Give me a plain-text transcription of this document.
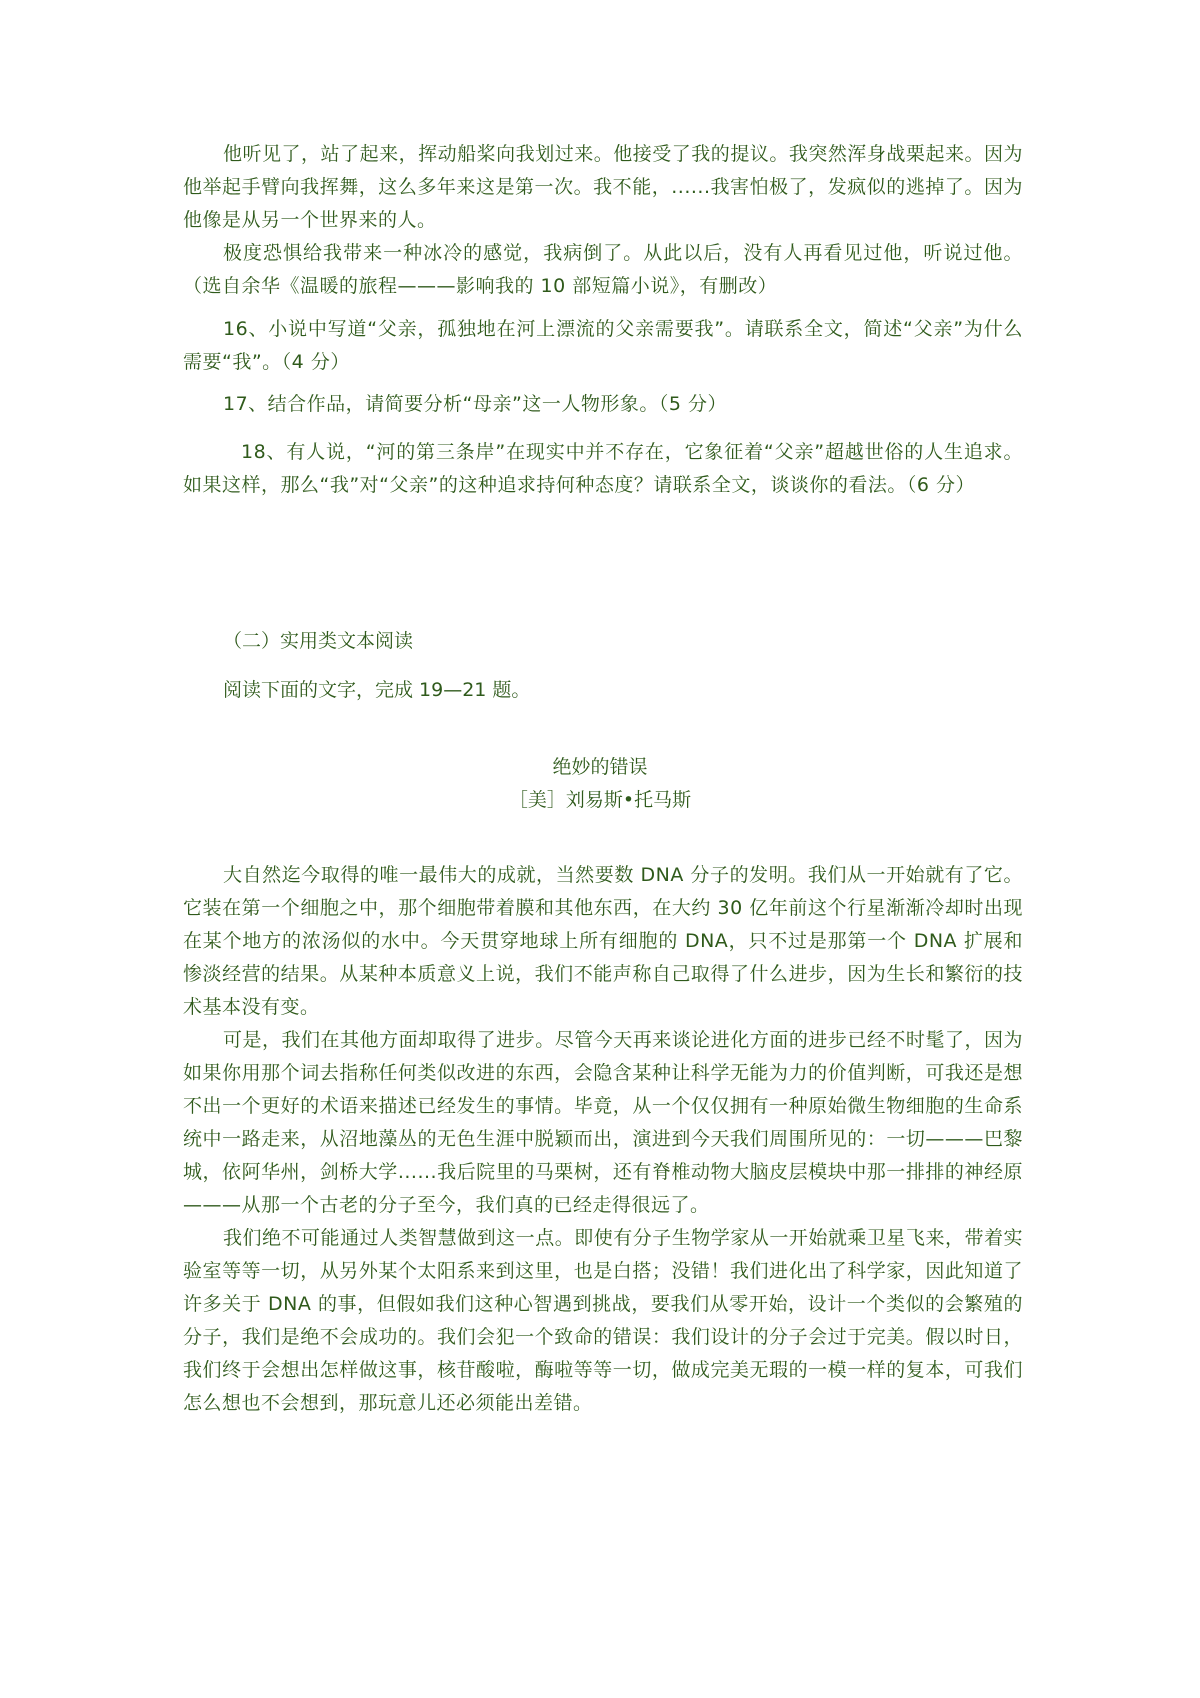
他听见了，站了起来，挥动船桨向我划过来。他接受了我的提议。我突然浑身战栗起来。因为他举起手臂向我挥舞，这么多年来这是第一次。我不能，......我害怕极了，发疯似的逃掉了。因为他像是从另一个世界来的人。

极度恐惧给我带来一种冰冷的感觉，我病倒了。从此以后，没有人再看见过他，听说过他。（选自余华《温暖的旅程———影响我的 10 部短篇小说》，有删改）

16、小说中写道“父亲，孤独地在河上漂流的父亲需要我”。请联系全文，简述“父亲”为什么需要“我”。（4 分）

17、结合作品，请简要分析“母亲”这一人物形象。（5 分）

18、有人说，“河的第三条岸”在现实中并不存在，它象征着“父亲”超越世俗的人生追求。如果这样，那么“我”对“父亲”的这种追求持何种态度？请联系全文，谈谈你的看法。（6 分）

（二）实用类文本阅读

阅读下面的文字，完成 19—21 题。

绝妙的错误

［美］刘易斯•托马斯

大自然迄今取得的唯一最伟大的成就，当然要数 DNA 分子的发明。我们从一开始就有了它。它装在第一个细胞之中，那个细胞带着膜和其他东西，在大约 30 亿年前这个行星渐渐冷却时出现在某个地方的浓汤似的水中。今天贯穿地球上所有细胞的 DNA，只不过是那第一个 DNA 扩展和惨淡经营的结果。从某种本质意义上说，我们不能声称自己取得了什么进步，因为生长和繁衍的技术基本没有变。

可是，我们在其他方面却取得了进步。尽管今天再来谈论进化方面的进步已经不时髦了，因为如果你用那个词去指称任何类似改进的东西，会隐含某种让科学无能为力的价值判断，可我还是想不出一个更好的术语来描述已经发生的事情。毕竟，从一个仅仅拥有一种原始微生物细胞的生命系统中一路走来，从沼地藻丛的无色生涯中脱颖而出，演进到今天我们周围所见的：一切———巴黎城，依阿华州，剑桥大学......我后院里的马栗树，还有脊椎动物大脑皮层模块中那一排排的神经原———从那一个古老的分子至今，我们真的已经走得很远了。

我们绝不可能通过人类智慧做到这一点。即使有分子生物学家从一开始就乘卫星飞来，带着实验室等等一切，从另外某个太阳系来到这里，也是白搭；没错！我们进化出了科学家，因此知道了许多关于 DNA 的事，但假如我们这种心智遇到挑战，要我们从零开始，设计一个类似的会繁殖的分子，我们是绝不会成功的。我们会犯一个致命的错误：我们设计的分子会过于完美。假以时日，我们终于会想出怎样做这事，核苷酸啦，酶啦等等一切，做成完美无瑕的一模一样的复本，可我们怎么想也不会想到，那玩意儿还必须能出差错。
